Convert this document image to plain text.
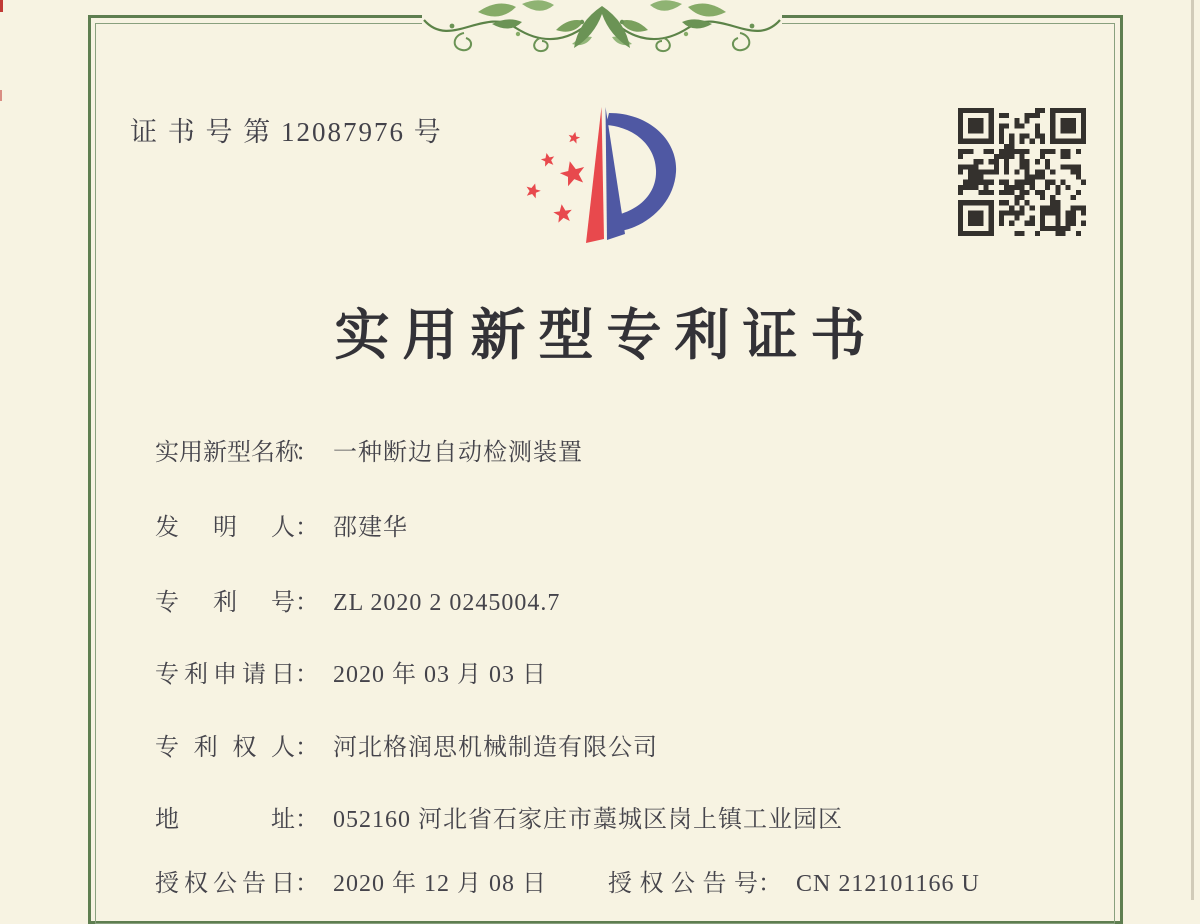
证 书 号 第 12087976 号
实用新型专利证书
实用新型名称： 一种断边自动检测装置
发明人： 邵建华
专利号： ZL 2020 2 0245004.7
专利申请日： 2020 年 03 月 03 日
专利权人： 河北格润思机械制造有限公司
地址： 052160 河北省石家庄市藁城区岗上镇工业园区
授权公告日： 2020 年 12 月 08 日	授权公告号： CN 212101166 U
